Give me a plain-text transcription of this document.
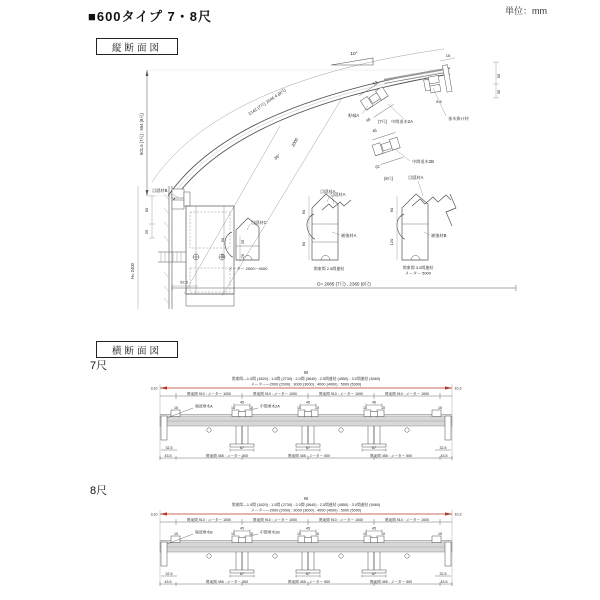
■600タイプ 7・8尺	単位：mm
縦断面図
横断面図
7尺
8尺
2142 (7尺) 2446.4 (8尺)
2000
36°
10°
601.5 (7尺) : 654 (8尺)
15
8.5
50
35
垂木掛け材
62
46
野縁A
(7尺) 中間垂木2A
45
62
中間垂木2B
(8尺)
目隠材A
目隠材A
目隠材B
60
25
H= 2400
92.5
25
75
50
25
目隠材C
メーター 2000〜4000
60
60
目隠材A
補強材A
関東間 2.5間連結
60
120
補強材B
関東間 3.0間連結
メーター 5000
D= 2085 (7尺) , 2365 (8尺)
W
関東間—1.0間 (1820) : 1.5間 (2730) : 2.0間 (3640) : 2.5間連結 (4550) : 3.0間連結 (5460)
メーター—2000 (2000) : 3000 (3000) : 4000 (4000) : 5000 (5000)
3,10	10,3
関東間 910 : メーター 1000	関東間 910 : メーター 1000	関東間 910 : メーター 1000	関東間 910 : メーター 1000
端部垂木A	中間垂木2A
15	15
45
15	15
45
15	15
45
15	15
67	67	67
32.5	32.5
43.5	43.5
関東間 455 : メーター 500	関東間 455 : メーター 500	関東間 455 : メーター 500
W
関東間—1.0間 (1820) : 1.5間 (2730) : 2.0間 (3640) : 2.5間連結 (4550) : 3.0間連結 (5460)
メーター—2000 (2000) : 3000 (3000) : 4000 (4000) : 5000 (5000)
3,10	10,3
関東間 910 : メーター 1000	関東間 910 : メーター 1000	関東間 910 : メーター 1000	関東間 910 : メーター 1000
端部垂木B	中間垂木2B
15	15
45
15	15
45
15	15
45
15	15
67	67	67
32.5	32.5
43.5	43.5
関東間 455 : メーター 500	関東間 455 : メーター 500	関東間 455 : メーター 500
